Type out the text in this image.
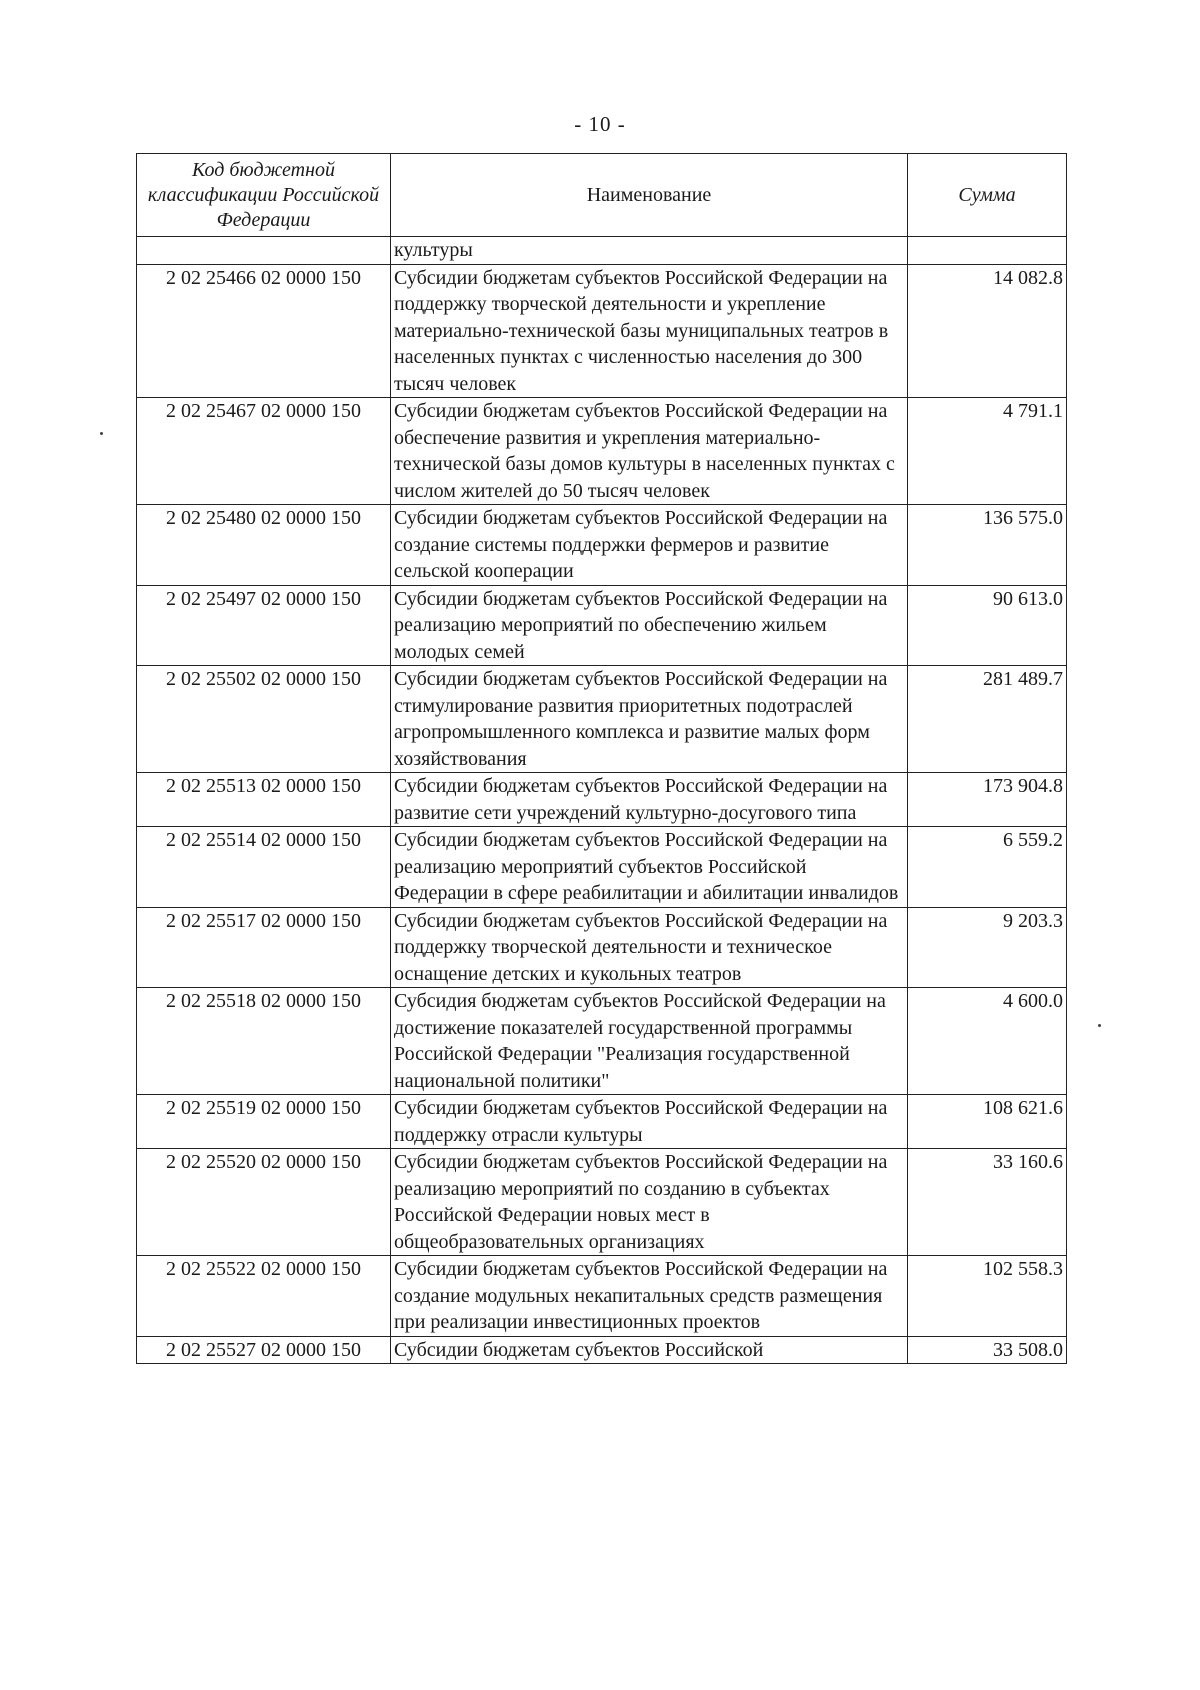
- 10 -
Код бюджетной классификации Российской Федерации	Наименование	Сумма
	культуры	
2 02 25466 02 0000 150	Субсидии бюджетам субъектов Российской Федерации на поддержку творческой деятельности и укрепление материально-технической базы муниципальных театров в населенных пунктах с численностью населения до 300 тысяч человек	14 082.8
2 02 25467 02 0000 150	Субсидии бюджетам субъектов Российской Федерации на обеспечение развития и укрепления материально-технической базы домов культуры в населенных пунктах с числом жителей до 50 тысяч человек	4 791.1
2 02 25480 02 0000 150	Субсидии бюджетам субъектов Российской Федерации на создание системы поддержки фермеров и развитие сельской кооперации	136 575.0
2 02 25497 02 0000 150	Субсидии бюджетам субъектов Российской Федерации на реализацию мероприятий по обеспечению жильем молодых семей	90 613.0
2 02 25502 02 0000 150	Субсидии бюджетам субъектов Российской Федерации на стимулирование развития приоритетных подотраслей агропромышленного комплекса и развитие малых форм хозяйствования	281 489.7
2 02 25513 02 0000 150	Субсидии бюджетам субъектов Российской Федерации на развитие сети учреждений культурно-досугового типа	173 904.8
2 02 25514 02 0000 150	Субсидии бюджетам субъектов Российской Федерации на реализацию мероприятий субъектов Российской Федерации в сфере реабилитации и абилитации инвалидов	6 559.2
2 02 25517 02 0000 150	Субсидии бюджетам субъектов Российской Федерации на поддержку творческой деятельности и техническое оснащение детских и кукольных театров	9 203.3
2 02 25518 02 0000 150	Субсидия бюджетам субъектов Российской Федерации на достижение показателей государственной программы Российской Федерации "Реализация государственной национальной политики"	4 600.0
2 02 25519 02 0000 150	Субсидии бюджетам субъектов Российской Федерации на поддержку отрасли культуры	108 621.6
2 02 25520 02 0000 150	Субсидии бюджетам субъектов Российской Федерации на реализацию мероприятий по созданию в субъектах Российской Федерации новых мест в общеобразовательных организациях	33 160.6
2 02 25522 02 0000 150	Субсидии бюджетам субъектов Российской Федерации на создание модульных некапитальных средств размещения при реализации инвестиционных проектов	102 558.3
2 02 25527 02 0000 150	Субсидии бюджетам субъектов Российской	33 508.0
